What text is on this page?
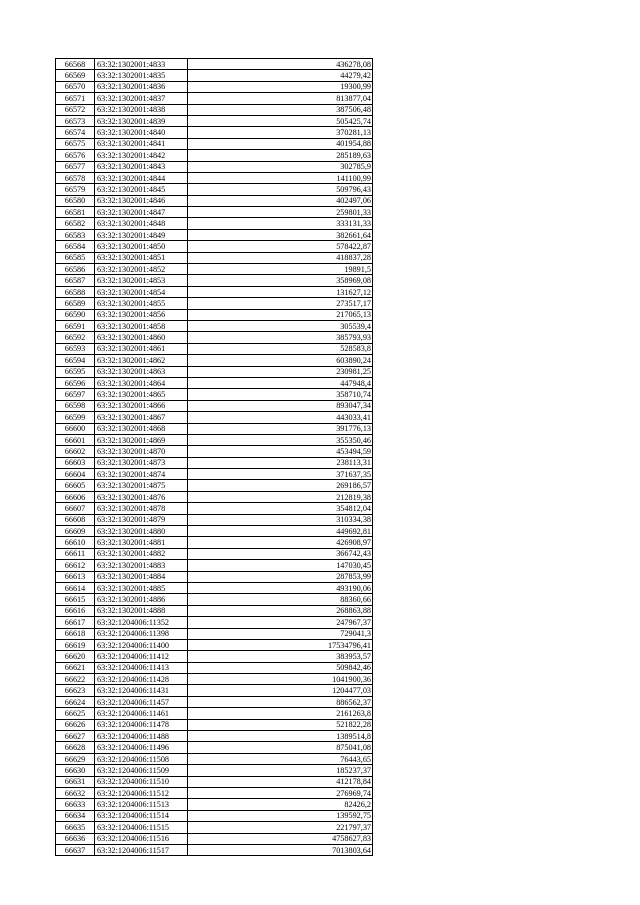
66568	63:32:1302001:4833	436278,08
66569	63:32:1302001:4835	44279,42
66570	63:32:1302001:4836	19300,99
66571	63:32:1302001:4837	813877,04
66572	63:32:1302001:4838	387506,48
66573	63:32:1302001:4839	505425,74
66574	63:32:1302001:4840	370281,13
66575	63:32:1302001:4841	401954,88
66576	63:32:1302001:4842	285189,63
66577	63:32:1302001:4843	302785,9
66578	63:32:1302001:4844	141100,99
66579	63:32:1302001:4845	509796,43
66580	63:32:1302001:4846	402497,06
66581	63:32:1302001:4847	259801,33
66582	63:32:1302001:4848	333131,33
66583	63:32:1302001:4849	382661,64
66584	63:32:1302001:4850	578422,87
66585	63:32:1302001:4851	418837,28
66586	63:32:1302001:4852	19891,5
66587	63:32:1302001:4853	358969,08
66588	63:32:1302001:4854	131627,12
66589	63:32:1302001:4855	273517,17
66590	63:32:1302001:4856	217065,13
66591	63:32:1302001:4858	305539,4
66592	63:32:1302001:4860	385793,93
66593	63:32:1302001:4861	528583,8
66594	63:32:1302001:4862	603890,24
66595	63:32:1302001:4863	230981,25
66596	63:32:1302001:4864	447948,4
66597	63:32:1302001:4865	358710,74
66598	63:32:1302001:4866	893047,34
66599	63:32:1302001:4867	443033,41
66600	63:32:1302001:4868	391776,13
66601	63:32:1302001:4869	355350,46
66602	63:32:1302001:4870	453494,59
66603	63:32:1302001:4873	238113,31
66604	63:32:1302001:4874	371637,35
66605	63:32:1302001:4875	269186,57
66606	63:32:1302001:4876	212819,38
66607	63:32:1302001:4878	354812,04
66608	63:32:1302001:4879	310334,38
66609	63:32:1302001:4880	449692,81
66610	63:32:1302001:4881	426908,97
66611	63:32:1302001:4882	366742,43
66612	63:32:1302001:4883	147030,45
66613	63:32:1302001:4884	287853,99
66614	63:32:1302001:4885	493190,06
66615	63:32:1302001:4886	88360,66
66616	63:32:1302001:4888	268863,88
66617	63:32:1204006:11352	247967,37
66618	63:32:1204006:11398	729041,3
66619	63:32:1204006:11400	17534796,41
66620	63:32:1204006:11412	383953,57
66621	63:32:1204006:11413	509842,46
66622	63:32:1204006:11428	1041900,36
66623	63:32:1204006:11431	1204477,03
66624	63:32:1204006:11457	886562,37
66625	63:32:1204006:11461	2161263,8
66626	63:32:1204006:11478	521822,28
66627	63:32:1204006:11488	1389514,8
66628	63:32:1204006:11496	875041,08
66629	63:32:1204006:11508	76443,65
66630	63:32:1204006:11509	185237,37
66631	63:32:1204006:11510	412178,84
66632	63:32:1204006:11512	276969,74
66633	63:32:1204006:11513	82426,2
66634	63:32:1204006:11514	139592,75
66635	63:32:1204006:11515	221797,37
66636	63:32:1204006:11516	4758627,83
66637	63:32:1204006:11517	7013803,64
